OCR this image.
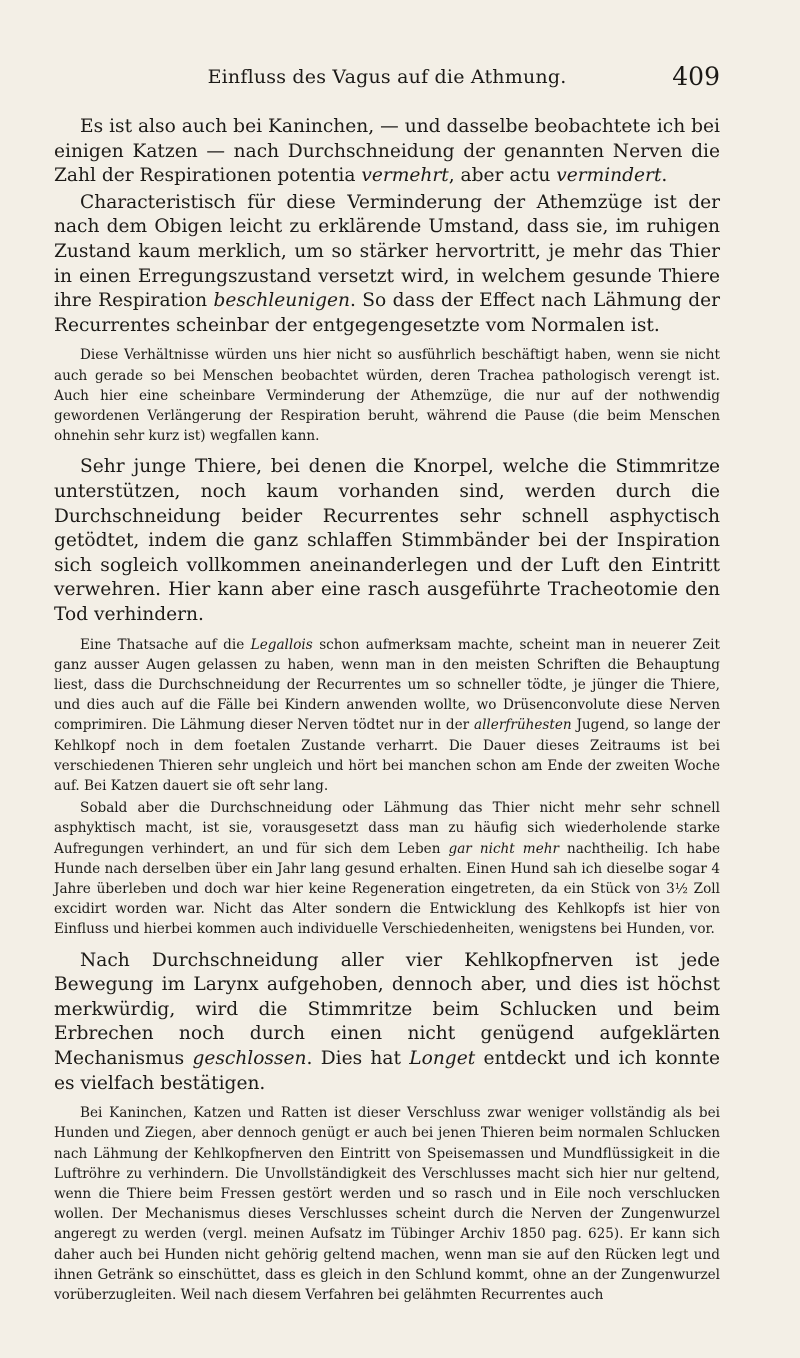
Einfluss des Vagus auf die Athmung.	409

Es ist also auch bei Kaninchen, — und dasselbe beobachtete ich bei einigen Katzen — nach Durchschneidung der genannten Nerven die Zahl der Respirationen potentia vermehrt, aber actu vermindert.

Characteristisch für diese Verminderung der Athemzüge ist der nach dem Obigen leicht zu erklärende Umstand, dass sie, im ruhigen Zustand kaum merklich, um so stärker hervortritt, je mehr das Thier in einen Erregungszustand versetzt wird, in welchem gesunde Thiere ihre Respiration beschleunigen. So dass der Effect nach Lähmung der Recurrentes scheinbar der entgegengesetzte vom Normalen ist.

Diese Verhältnisse würden uns hier nicht so ausführlich beschäftigt haben, wenn sie nicht auch gerade so bei Menschen beobachtet würden, deren Trachea pathologisch verengt ist. Auch hier eine scheinbare Verminderung der Athemzüge, die nur auf der nothwendig gewordenen Verlängerung der Respiration beruht, während die Pause (die beim Menschen ohnehin sehr kurz ist) wegfallen kann.

Sehr junge Thiere, bei denen die Knorpel, welche die Stimmritze unterstützen, noch kaum vorhanden sind, werden durch die Durchschneidung beider Recurrentes sehr schnell asphyctisch getödtet, indem die ganz schlaffen Stimmbänder bei der Inspiration sich sogleich vollkommen aneinanderlegen und der Luft den Eintritt verwehren. Hier kann aber eine rasch ausgeführte Tracheotomie den Tod verhindern.

Eine Thatsache auf die Legallois schon aufmerksam machte, scheint man in neuerer Zeit ganz ausser Augen gelassen zu haben, wenn man in den meisten Schriften die Behauptung liest, dass die Durchschneidung der Recurrentes um so schneller tödte, je jünger die Thiere, und dies auch auf die Fälle bei Kindern anwenden wollte, wo Drüsenconvolute diese Nerven comprimiren. Die Lähmung dieser Nerven tödtet nur in der allerfrühesten Jugend, so lange der Kehlkopf noch in dem foetalen Zustande verharrt. Die Dauer dieses Zeitraums ist bei verschiedenen Thieren sehr ungleich und hört bei manchen schon am Ende der zweiten Woche auf. Bei Katzen dauert sie oft sehr lang.

Sobald aber die Durchschneidung oder Lähmung das Thier nicht mehr sehr schnell asphyktisch macht, ist sie, vorausgesetzt dass man zu häufig sich wiederholende starke Aufregungen verhindert, an und für sich dem Leben gar nicht mehr nachtheilig. Ich habe Hunde nach derselben über ein Jahr lang gesund erhalten. Einen Hund sah ich dieselbe sogar 4 Jahre überleben und doch war hier keine Regeneration eingetreten, da ein Stück von 3½ Zoll excidirt worden war. Nicht das Alter sondern die Entwicklung des Kehlkopfs ist hier von Einfluss und hierbei kommen auch individuelle Verschiedenheiten, wenigstens bei Hunden, vor.

Nach Durchschneidung aller vier Kehlkopfnerven ist jede Bewegung im Larynx aufgehoben, dennoch aber, und dies ist höchst merkwürdig, wird die Stimmritze beim Schlucken und beim Erbrechen noch durch einen nicht genügend aufgeklärten Mechanismus geschlossen. Dies hat Longet entdeckt und ich konnte es vielfach bestätigen.

Bei Kaninchen, Katzen und Ratten ist dieser Verschluss zwar weniger vollständig als bei Hunden und Ziegen, aber dennoch genügt er auch bei jenen Thieren beim normalen Schlucken nach Lähmung der Kehlkopfnerven den Eintritt von Speisemassen und Mundflüssigkeit in die Luftröhre zu verhindern. Die Unvollständigkeit des Verschlusses macht sich hier nur geltend, wenn die Thiere beim Fressen gestört werden und so rasch und in Eile noch verschlucken wollen. Der Mechanismus dieses Verschlusses scheint durch die Nerven der Zungenwurzel angeregt zu werden (vergl. meinen Aufsatz im Tübinger Archiv 1850 pag. 625). Er kann sich daher auch bei Hunden nicht gehörig geltend machen, wenn man sie auf den Rücken legt und ihnen Getränk so einschüttet, dass es gleich in den Schlund kommt, ohne an der Zungenwurzel vorüberzugleiten. Weil nach diesem Verfahren bei gelähmten Recurrentes auch
